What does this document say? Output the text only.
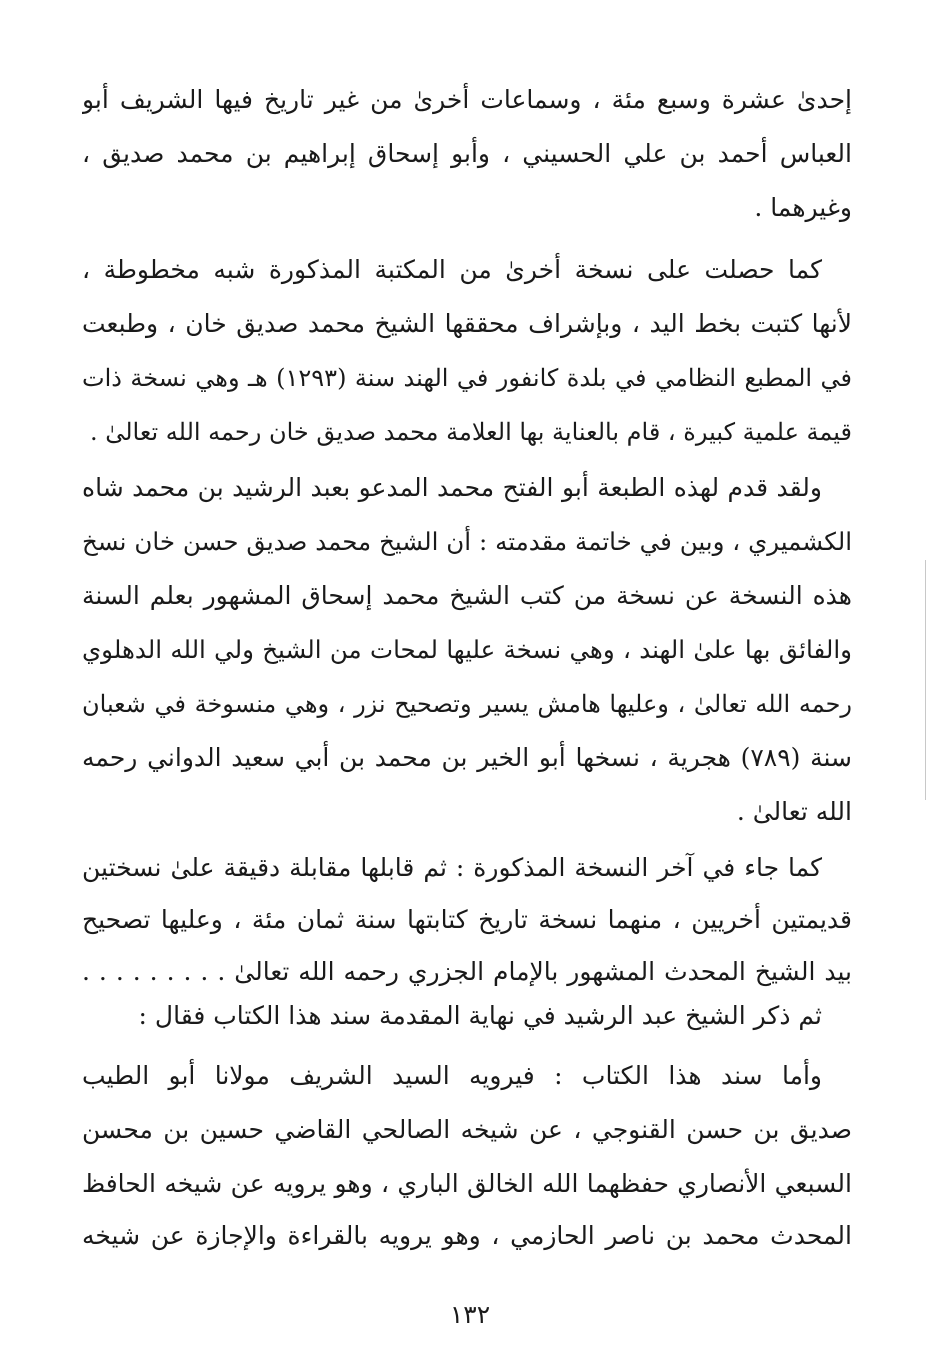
إحدىٰ عشرة وسبع مئة ، وسماعات أخرىٰ من غير تاريخ فيها الشريف أبو
العباس أحمد بن علي الحسيني ، وأبو إسحاق إبراهيم بن محمد صديق ،
وغيرهما .
كما حصلت على نسخة أخرىٰ من المكتبة المذكورة شبه مخطوطة ،
لأنها كتبت بخط اليد ، وبإشراف محققها الشيخ محمد صديق خان ، وطبعت
في المطبع النظامي في بلدة كانفور في الهند سنة (١٢٩٣) هـ وهي نسخة ذات
قيمة علمية كبيرة ، قام بالعناية بها العلامة محمد صديق خان رحمه الله تعالىٰ .
ولقد قدم لهذه الطبعة أبو الفتح محمد المدعو بعبد الرشيد بن محمد شاه
الكشميري ، وبين في خاتمة مقدمته : أن الشيخ محمد صديق حسن خان نسخ
هذه النسخة عن نسخة من كتب الشيخ محمد إسحاق المشهور بعلم السنة
والفائق بها علىٰ الهند ، وهي نسخة عليها لمحات من الشيخ ولي الله الدهلوي
رحمه الله تعالىٰ ، وعليها هامش يسير وتصحيح نزر ، وهي منسوخة في شعبان
سنة (٧٨٩) هجرية ، نسخها أبو الخير بن محمد بن أبي سعيد الدواني رحمه
الله تعالىٰ .
كما جاء في آخر النسخة المذكورة : ثم قابلها مقابلة دقيقة علىٰ نسختين
قديمتين أخريين ، منهما نسخة تاريخ كتابتها سنة ثمان مئة ، وعليها تصحيح
بيد الشيخ المحدث المشهور بالإمام الجزري رحمه الله تعالىٰ . . . . . . . . .
ثم ذكر الشيخ عبد الرشيد في نهاية المقدمة سند هذا الكتاب فقال :
وأما سند هذا الكتاب : فيرويه السيد الشريف مولانا أبو الطيب
صديق بن حسن القنوجي ، عن شيخه الصالحي القاضي حسين بن محسن
السبعي الأنصاري حفظهما الله الخالق الباري ، وهو يرويه عن شيخه الحافظ
المحدث محمد بن ناصر الحازمي ، وهو يرويه بالقراءة والإجازة عن شيخه
١٣٢
